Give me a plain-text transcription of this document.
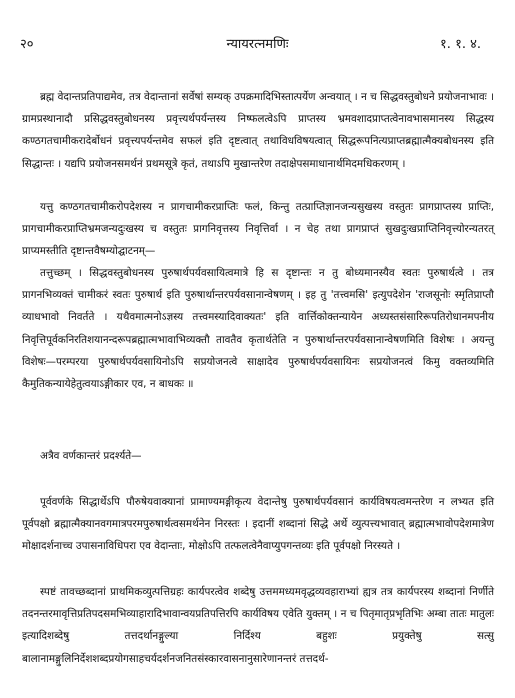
न्यायरत्नमणिः
२०	१. १. ४.

ब्रह्म वेदान्तप्रतिपाद्यमेव, तत्र वेदान्तानां सर्वेषां सम्यक् उपक्रमादिभिस्तात्पर्येण अन्वयात् । न च सिद्धवस्तुबोधने प्रयोजनाभावः । ग्रामप्रस्थानादौ प्रसिद्धवस्तुबोधनस्य प्रवृत्त्यर्थपर्यन्तस्य निष्फलत्वेऽपि प्राप्तस्य भ्रमवशादप्राप्तत्वेनावभासमानस्य सिद्धस्य कण्ठगतचामीकरादेर्बोधनं प्रवृत्त्यपर्यन्तमेव सफलं इति दृष्टत्वात् तथाविधविषयत्वात् सिद्धरूपनित्यप्राप्तब्रह्मात्मैक्यबोधनस्य इति सिद्धान्तः । यद्यपि प्रयोजनसमर्थनं प्रथमसूत्रे कृतं, तथाऽपि मुखान्तरेण तदाक्षेपसमाधानार्थमिदमधिकरणम् ।

यत्तु कण्ठगतचामीकरोपदेशस्य न प्रागचामीकरप्राप्तिः फलं, किन्तु तत्प्राप्तिज्ञानजन्यसुखस्य वस्तुतः प्रागप्राप्तस्य प्राप्तिः, प्रागचामीकरप्राप्तिभ्रमजन्यदुःखस्य च वस्तुतः प्रागनिवृत्तस्य निवृत्तिर्वा । न चेह तथा प्रागप्राप्तं सुखदुःखप्राप्तिनिवृत्त्योरन्यतरत् प्राप्यमस्तीति दृष्टान्तवैषम्योद्घाटनम्—

तत्तुच्छम् । सिद्धवस्तुबोधनस्य पुरुषार्थपर्यवसायित्वमात्रे हि स दृष्टान्तः न तु बोध्यमानस्यैव स्वतः पुरुषार्थत्वे । तत्र प्रागनभिव्यक्तं चामीकरं स्वतः पुरुषार्थ इति पुरुषार्थान्तरपर्यवसानान्वेषणम् । इह तु 'तत्त्वमसि' इत्युपदेशेन 'राजसूनोः स्मृतिप्राप्तौ व्याधभावो निवर्तते । यथैवमात्मनोऽज्ञस्य तत्त्वमस्यादिवाक्यतः' इति वार्त्तिकोक्तन्यायेन अध्यस्तसंसारिरूपतिरोधानमपनीय निवृत्तिपूर्वकनिरतिशयानन्दरूपब्रह्मात्मभावाभिव्यक्तौ तावतैव कृतार्थतेति न पुरुषार्थान्तरपर्यवसानान्वेषणमिति विशेषः । अयन्तु विशेषः—परम्परया पुरुषार्थपर्यवसायिनोऽपि सप्रयोजनत्वे साक्षादेव पुरुषार्थपर्यवसायिनः सप्रयोजनत्वं किमु वक्तव्यमिति कैमुतिकन्यायेहेतुत्वयाऽङ्गीकार एव, न बाधकः ॥

अत्रैव वर्णकान्तरं प्रदर्श्यते—

पूर्ववर्णके सिद्धार्थेऽपि पौरुषेयवाक्यानां प्रामाण्यमङ्गीकृत्य वेदान्तेषु पुरुषार्थपर्यवसानं कार्यविषयत्वमन्तरेण न लभ्यत इति पूर्वपक्षो ब्रह्मात्मैक्यानवगमात्रपरमपुरुषार्थत्वसमर्थनेन निरस्तः । इदानीं शब्दानां सिद्धे अर्थे व्युत्पत्त्यभावात् ब्रह्मात्मभावोपदेशमात्रेण मोक्षादर्शनाच्च उपासनाविधिपरा एव वेदान्ताः, मोक्षोऽपि तत्फलत्वेनैवाप्युपगन्तव्यः इति पूर्वपक्षो निरस्यते ।

स्पष्टं तावच्छब्दानां प्राथमिकव्युत्पत्तिग्रहः कार्यपरत्वेव शब्देषु उत्तममध्यमवृद्धव्यवहाराभ्यां ह्यत्र तत्र कार्यपरस्य शब्दानां निर्णीते तदनन्तरमावृत्तिप्रतिपदसमभिव्याहारादिभावान्वयप्रतिपत्तिरपि कार्यविषय एवेति युक्तम् । न च पितृमातृप्रभृतिभिः अम्बा तातः मातुलः इत्यादिशब्देषु तत्तदर्थानङ्गुल्या निर्दिश्य बहुशः प्रयुक्तेषु सत्सु बालानामङ्गुलिनिर्देशशब्दप्रयोगसाहचर्यदर्शनजनितसंस्कारवासनानुसारेणानन्तरं तत्तदर्थ-
